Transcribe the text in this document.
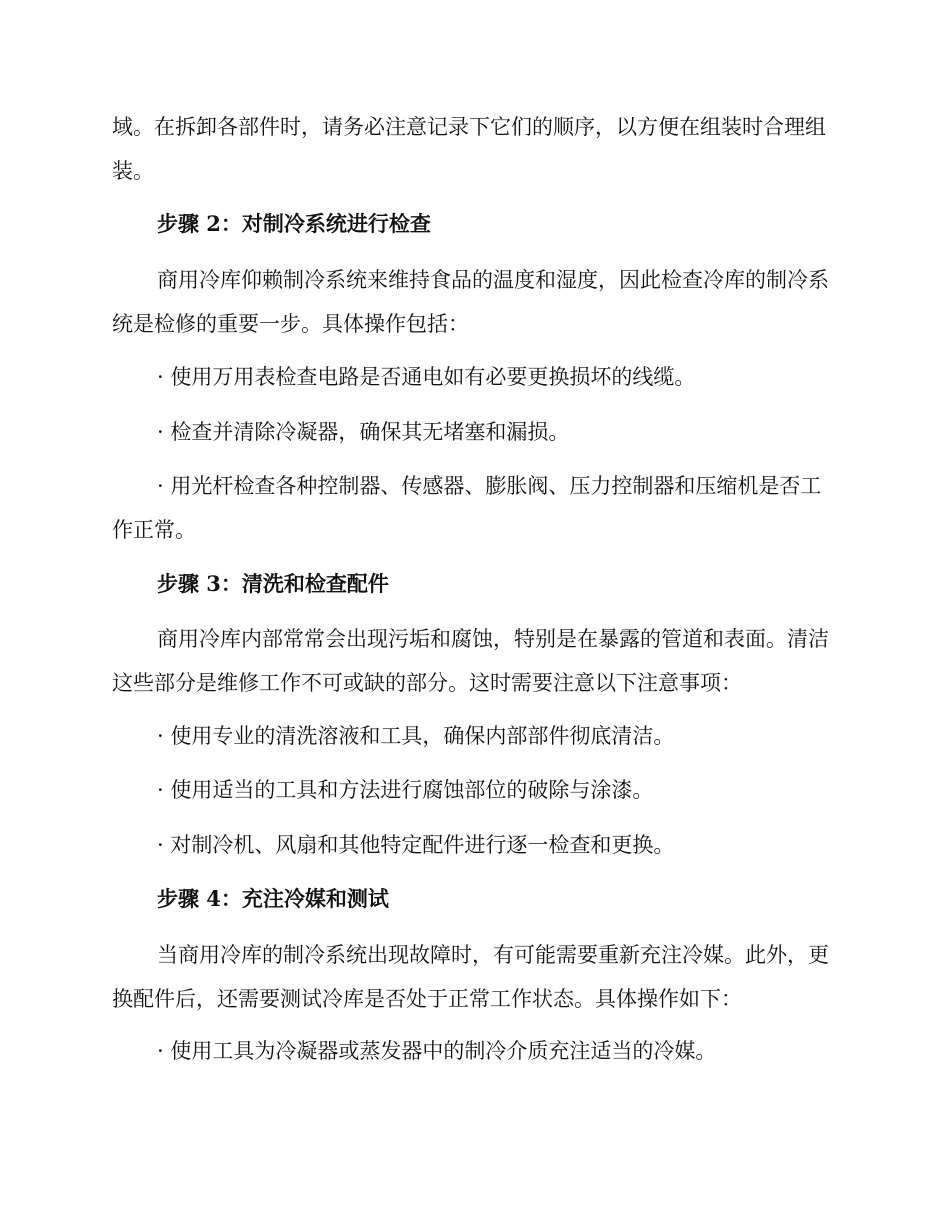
域。在拆卸各部件时，请务必注意记录下它们的顺序，以方便在组装时合理组装。

步骤 2：对制冷系统进行检查

商用冷库仰赖制冷系统来维持食品的温度和湿度，因此检查冷库的制冷系统是检修的重要一步。具体操作包括：

· 使用万用表检查电路是否通电如有必要更换损坏的线缆。

· 检查并清除冷凝器，确保其无堵塞和漏损。

· 用光杆检查各种控制器、传感器、膨胀阀、压力控制器和压缩机是否工作正常。

步骤 3：清洗和检查配件

商用冷库内部常常会出现污垢和腐蚀，特别是在暴露的管道和表面。清洁这些部分是维修工作不可或缺的部分。这时需要注意以下注意事项：

· 使用专业的清洗溶液和工具，确保内部部件彻底清洁。

· 使用适当的工具和方法进行腐蚀部位的破除与涂漆。

· 对制冷机、风扇和其他特定配件进行逐一检查和更换。

步骤 4：充注冷媒和测试

当商用冷库的制冷系统出现故障时，有可能需要重新充注冷媒。此外，更换配件后，还需要测试冷库是否处于正常工作状态。具体操作如下：

· 使用工具为冷凝器或蒸发器中的制冷介质充注适当的冷媒。
